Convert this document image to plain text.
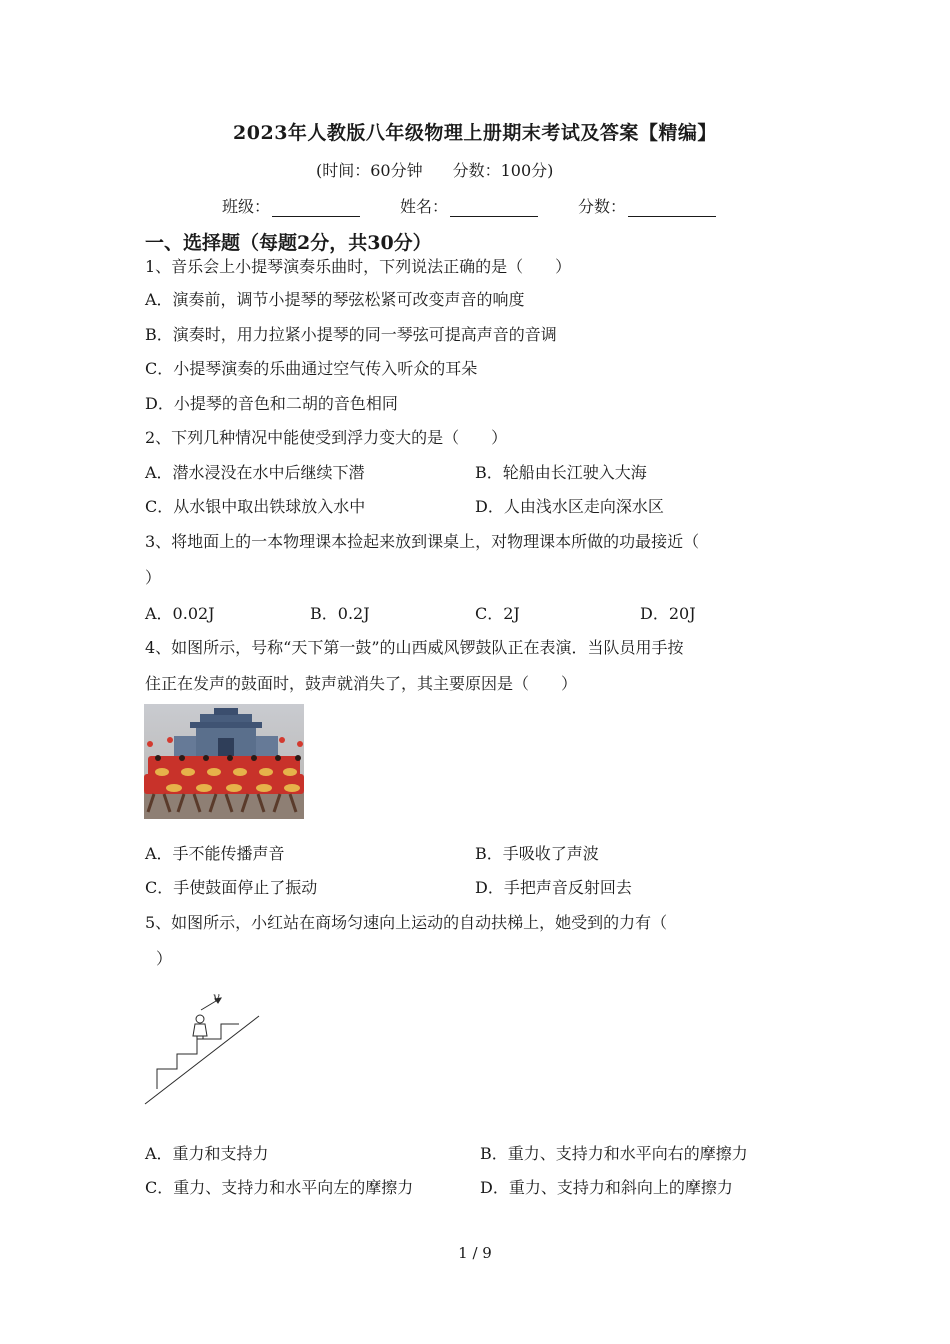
2023年人教版八年级物理上册期末考试及答案【精编】
(时间：60分钟 分数：100分)
班级：	姓名：	分数：
一、选择题（每题2分，共30分）
1、音乐会上小提琴演奏乐曲时，下列说法正确的是（　　）
A．演奏前，调节小提琴的琴弦松紧可改变声音的响度
B．演奏时，用力拉紧小提琴的同一琴弦可提高声音的音调
C．小提琴演奏的乐曲通过空气传入听众的耳朵
D．小提琴的音色和二胡的音色相同
2、下列几种情况中能使受到浮力变大的是（　　）
A．潜水浸没在水中后继续下潜	B．轮船由长江驶入大海
C．从水银中取出铁球放入水中	D．人由浅水区走向深水区
3、将地面上的一本物理课本捡起来放到课桌上，对物理课本所做的功最接近（
）
A．0.02J	B．0.2J	C．2J	D．20J
4、如图所示，号称“天下第一鼓”的山西威风锣鼓队正在表演．当队员用手按
住正在发声的鼓面时，鼓声就消失了，其主要原因是（　　）
A．手不能传播声音	B．手吸收了声波
C．手使鼓面停止了振动	D．手把声音反射回去
5、如图所示，小红站在商场匀速向上运动的自动扶梯上，她受到的力有（
）
v
A．重力和支持力	B．重力、支持力和水平向右的摩擦力
C．重力、支持力和水平向左的摩擦力	D．重力、支持力和斜向上的摩擦力
1 / 9
